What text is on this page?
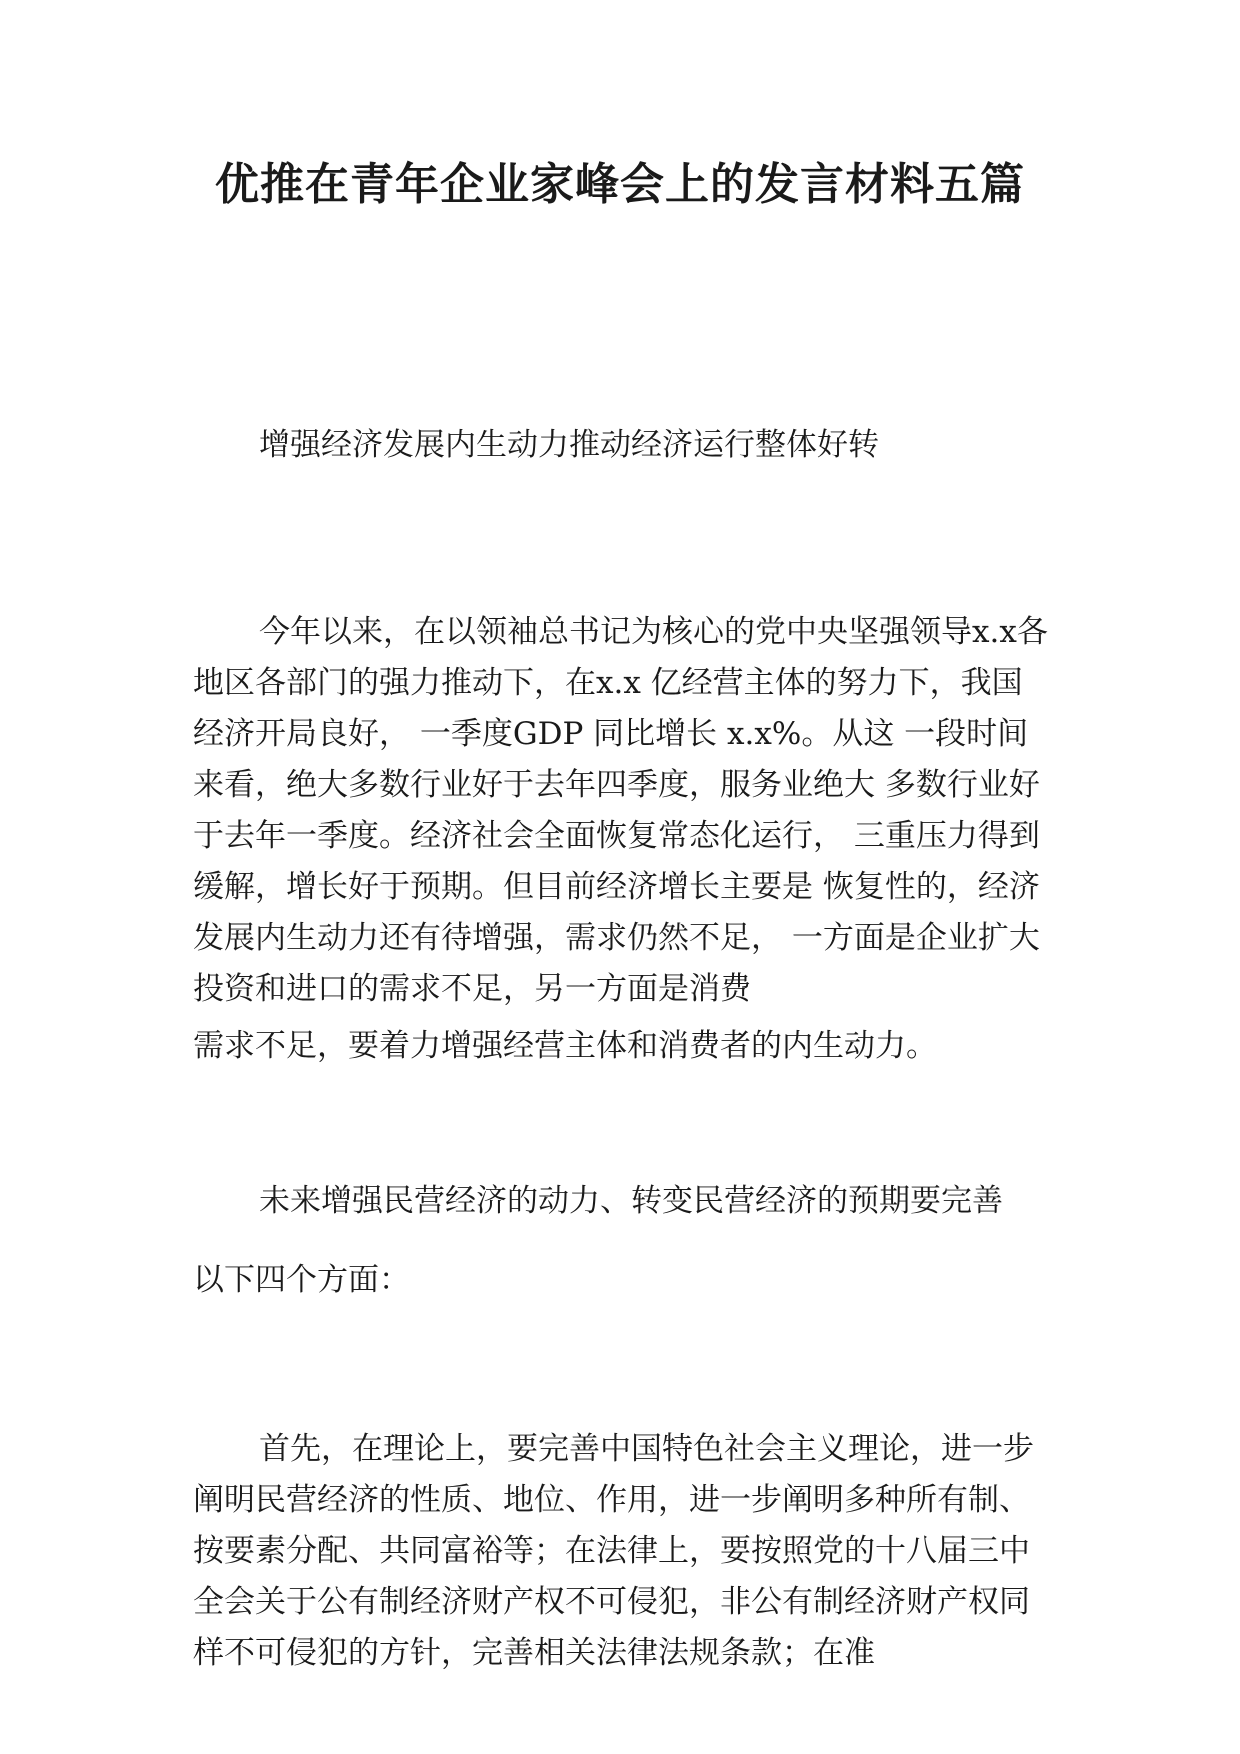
优推在青年企业家峰会上的发言材料五篇

增强经济发展内生动力推动经济运行整体好转

今年以来，在以领袖总书记为核心的党中央坚强领导x.x各地区各部门的强力推动下，在x.x 亿经营主体的努力下，我国经济开局良好， 一季度GDP 同比增长 x.x%。从这 一段时间来看，绝大多数行业好于去年四季度，服务业绝大 多数行业好于去年一季度。经济社会全面恢复常态化运行， 三重压力得到缓解，增长好于预期。但目前经济增长主要是 恢复性的，经济发展内生动力还有待增强，需求仍然不足， 一方面是企业扩大投资和进口的需求不足，另一方面是消费

需求不足，要着力增强经营主体和消费者的内生动力。

未来增强民营经济的动力、转变民营经济的预期要完善

以下四个方面：

首先，在理论上，要完善中国特色社会主义理论，进一步阐明民营经济的性质、地位、作用，进一步阐明多种所有制、按要素分配、共同富裕等；在法律上，要按照党的十八届三中全会关于公有制经济财产权不可侵犯，非公有制经济财产权同样不可侵犯的方针，完善相关法律法规条款；在准
